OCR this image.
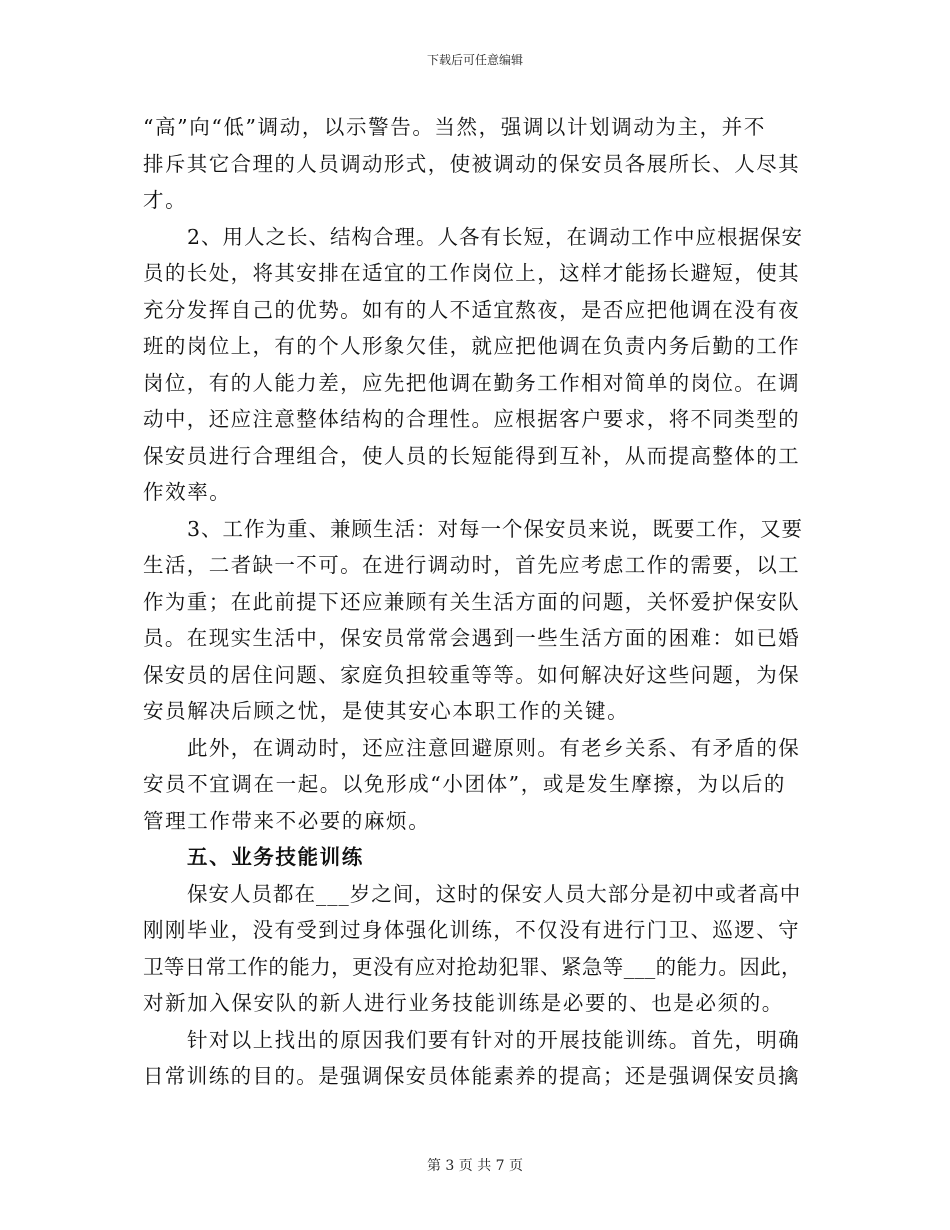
下载后可任意编辑
“高”向“低”调动，以示警告。当然，强调以计划调动为主，并不
排斥其它合理的人员调动形式，使被调动的保安员各展所长、人尽其
才。
2、用人之长、结构合理。人各有长短，在调动工作中应根据保安
员的长处，将其安排在适宜的工作岗位上，这样才能扬长避短，使其
充分发挥自己的优势。如有的人不适宜熬夜，是否应把他调在没有夜
班的岗位上，有的个人形象欠佳，就应把他调在负责内务后勤的工作
岗位，有的人能力差，应先把他调在勤务工作相对简单的岗位。在调
动中，还应注意整体结构的合理性。应根据客户要求，将不同类型的
保安员进行合理组合，使人员的长短能得到互补，从而提高整体的工
作效率。
3、工作为重、兼顾生活：对每一个保安员来说，既要工作，又要
生活，二者缺一不可。在进行调动时，首先应考虑工作的需要，以工
作为重；在此前提下还应兼顾有关生活方面的问题，关怀爱护保安队
员。在现实生活中，保安员常常会遇到一些生活方面的困难：如已婚
保安员的居住问题、家庭负担较重等等。如何解决好这些问题，为保
安员解决后顾之忧，是使其安心本职工作的关键。
此外，在调动时，还应注意回避原则。有老乡关系、有矛盾的保
安员不宜调在一起。以免形成“小团体”，或是发生摩擦，为以后的
管理工作带来不必要的麻烦。
五、业务技能训练
保安人员都在___岁之间，这时的保安人员大部分是初中或者高中
刚刚毕业，没有受到过身体强化训练，不仅没有进行门卫、巡逻、守
卫等日常工作的能力，更没有应对抢劫犯罪、紧急等___的能力。因此，
对新加入保安队的新人进行业务技能训练是必要的、也是必须的。
针对以上找出的原因我们要有针对的开展技能训练。首先，明确
日常训练的目的。是强调保安员体能素养的提高；还是强调保安员擒
第 3 页 共 7 页
